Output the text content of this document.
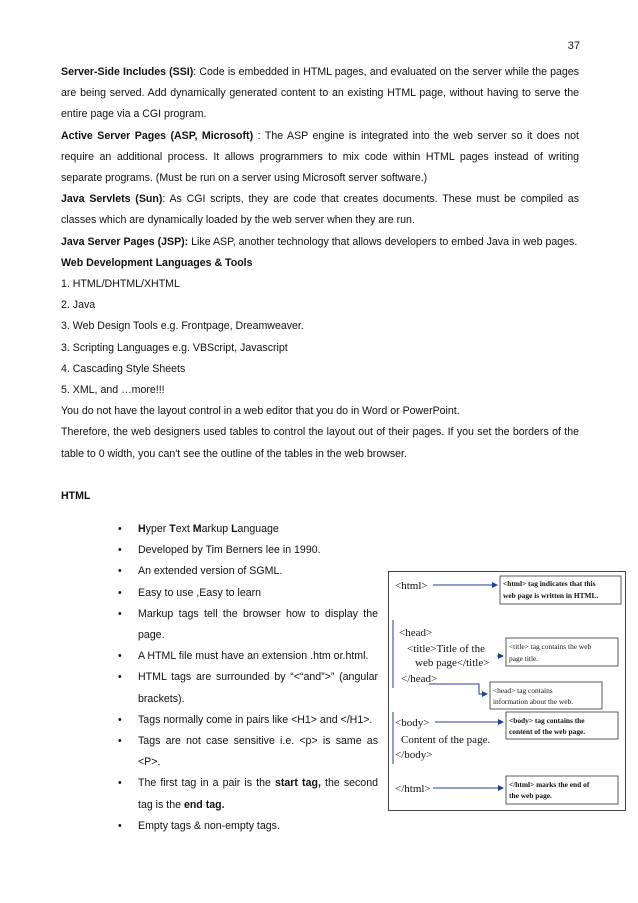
37

Server-Side Includes (SSI): Code is embedded in HTML pages, and evaluated on the server while the pages are being served. Add dynamically generated content to an existing HTML page, without having to serve the entire page via a CGI program.

Active Server Pages (ASP, Microsoft) : The ASP engine is integrated into the web server so it does not require an additional process. It allows programmers to mix code within HTML pages instead of writing separate programs. (Must be run on a server using Microsoft server software.)

Java Servlets (Sun): As CGI scripts, they are code that creates documents. These must be compiled as classes which are dynamically loaded by the web server when they are run.

Java Server Pages (JSP): Like ASP, another technology that allows developers to embed Java in web pages.

Web Development Languages & Tools

1. HTML/DHTML/XHTML

2. Java

3. Web Design Tools e.g. Frontpage, Dreamweaver.

3. Scripting Languages e.g. VBScript, Javascript

4. Cascading Style Sheets

5. XML, and …more!!!

You do not have the layout control in a web editor that you do in Word or PowerPoint.

Therefore, the web designers used tables to control the layout out of their pages. If you set the borders of the table to 0 width, you can't see the outline of the tables in the web browser.

HTML

• Hyper Text Markup Language
• Developed by Tim Berners lee in 1990.
• An extended version of SGML.
• Easy to use ,Easy to learn
• Markup tags tell the browser how to display the page.
• A HTML file must have an extension .htm or.html.
• HTML tags are surrounded by “<“and”>” (angular brackets).
• Tags normally come in pairs like <H1> and </H1>.
• Tags are not case sensitive i.e. <p> is same as <P>.
• The first tag in a pair is the start tag, the second tag is the end tag.
• Empty tags & non-empty tags.
<html>
<head>
<title>Title of the
web page</title>
</head>
<body>
Content of the page.
</body>
</html>
<html> tag indicates that this
web page is written in HTML.
<title> tag contains the web
page title.
<head> tag contains
information about the web.
<body> tag contains the
content of the web page.
</html> marks the end of
the web page.
